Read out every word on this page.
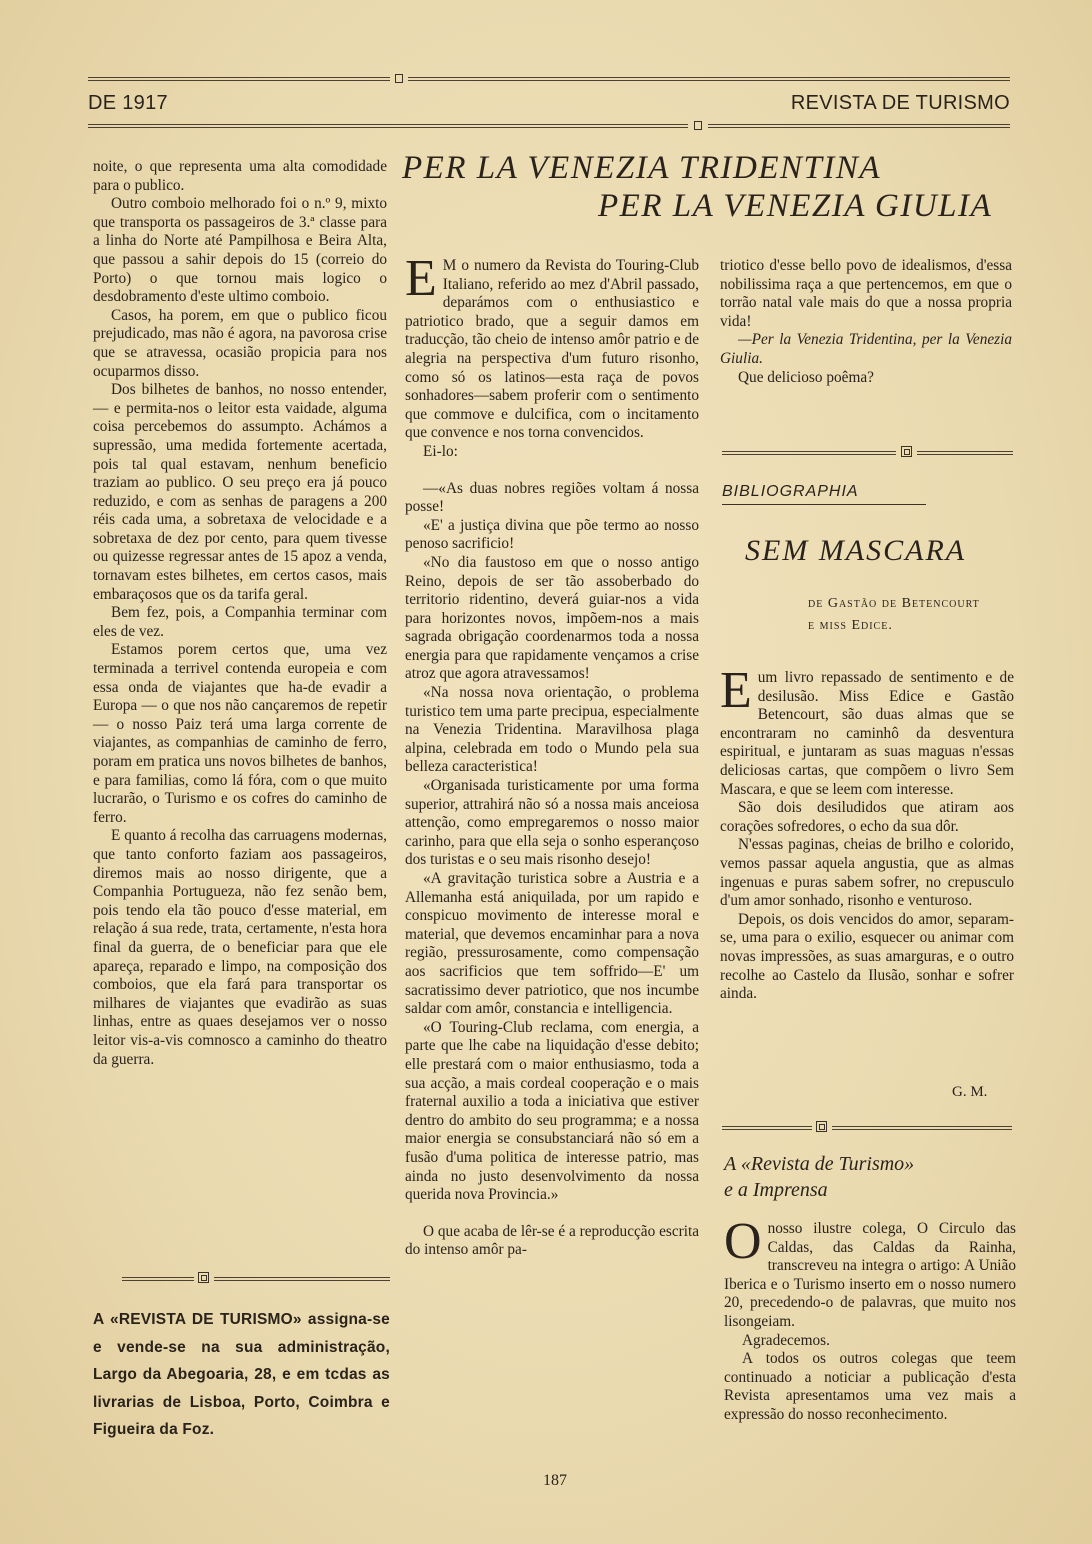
DE 1917	REVISTA DE TURISMO

noite, o que representa uma alta comodidade para o publico.

Outro comboio melhorado foi o n.º 9, mixto que transporta os passageiros de 3.ª classe para a linha do Norte até Pampilhosa e Beira Alta, que passou a sahir depois do 15 (correio do Porto) o que tornou mais logico o desdobramento d'este ultimo comboio.

Casos, ha porem, em que o publico ficou prejudicado, mas não é agora, na pavorosa crise que se atravessa, ocasião propicia para nos ocuparmos disso.

Dos bilhetes de banhos, no nosso entender, — e permita-nos o leitor esta vaidade, alguma coisa percebemos do assumpto. Achámos a supressão, uma medida fortemente acertada, pois tal qual estavam, nenhum beneficio traziam ao publico. O seu preço era já pouco reduzido, e com as senhas de paragens a 200 réis cada uma, a sobretaxa de velocidade e a sobretaxa de dez por cento, para quem tivesse ou quizesse regressar antes de 15 apoz a venda, tornavam estes bilhetes, em certos casos, mais embaraçosos que os da tarifa geral.

Bem fez, pois, a Companhia terminar com eles de vez.

Estamos porem certos que, uma vez terminada a terrivel contenda europeia e com essa onda de viajantes que ha-de evadir a Europa — o que nos não cançaremos de repetir — o nosso Paiz terá uma larga corrente de viajantes, as companhias de caminho de ferro, poram em pratica uns novos bilhetes de banhos, e para familias, como lá fóra, com o que muito lucrarão, o Turismo e os cofres do caminho de ferro.

E quanto á recolha das carruagens modernas, que tanto conforto faziam aos passageiros, diremos mais ao nosso dirigente, que a Companhia Portugueza, não fez senão bem, pois tendo ela tão pouco d'esse material, em relação á sua rede, trata, certamente, n'esta hora final da guerra, de o beneficiar para que ele apareça, reparado e limpo, na composição dos comboios, que ela fará para transportar os milhares de viajantes que evadirão as suas linhas, entre as quaes desejamos ver o nosso leitor vis-a-vis comnosco a caminho do theatro da guerra.

A «REVISTA DE TURISMO» assigna-se e vende-se na sua administração, Largo da Abegoaria, 28, e em tcdas as livrarias de Lisboa, Porto, Coimbra e Figueira da Foz.
PER LA VENEZIA TRIDENTINA
PER LA VENEZIA GIULIA
E M o numero da Revista do Touring-Club Italiano, referido ao mez d'Abril passado, deparámos com o enthusiastico e patriotico brado, que a seguir damos em traducção, tão cheio de intenso amôr patrio e de alegria na perspectiva d'um futuro risonho, como só os latinos—esta raça de povos sonhadores—sabem proferir com o sentimento que commove e dulcifica, com o incitamento que convence e nos torna convencidos.

Ei-lo:

—«As duas nobres regiões voltam á nossa posse!

«E' a justiça divina que põe termo ao nosso penoso sacrificio!

«No dia faustoso em que o nosso antigo Reino, depois de ser tão assoberbado do territorio ridentino, deverá guiar-nos a vida para horizontes novos, impõem-nos a mais sagrada obrigação coordenarmos toda a nossa energia para que rapidamente vençamos a crise atroz que agora atravessamos!

«Na nossa nova orientação, o problema turistico tem uma parte precipua, especialmente na Venezia Tridentina. Maravilhosa plaga alpina, celebrada em todo o Mundo pela sua belleza caracteristica!

«Organisada turisticamente por uma forma superior, attrahirá não só a nossa mais anceiosa attenção, como empregaremos o nosso maior carinho, para que ella seja o sonho esperançoso dos turistas e o seu mais risonho desejo!

«A gravitação turistica sobre a Austria e a Allemanha está aniquilada, por um rapido e conspicuo movimento de interesse moral e material, que devemos encaminhar para a nova região, pressurosamente, como compensação aos sacrificios que tem soffrido—E' um sacratissimo dever patriotico, que nos incumbe saldar com amôr, constancia e intelligencia.

«O Touring-Club reclama, com energia, a parte que lhe cabe na liquidação d'esse debito; elle prestará com o maior enthusiasmo, toda a sua acção, a mais cordeal cooperação e o mais fraternal auxilio a toda a iniciativa que estiver dentro do ambito do seu programma; e a nossa maior energia se consubstanciará não só em a fusão d'uma politica de interesse patrio, mas ainda no justo desenvolvimento da nossa querida nova Provincia.»

O que acaba de lêr-se é a reproducção escrita do intenso amôr pa-

triotico d'esse bello povo de idealismos, d'essa nobilissima raça a que pertencemos, em que o torrão natal vale mais do que a nossa propria vida!

—Per la Venezia Tridentina, per la Venezia Giulia.

Que delicioso poêma?

BIBLIOGRAPHIA
SEM MASCARA
de Gastão de Betencourt
e miss Edice.
E um livro repassado de sentimento e de desilusão. Miss Edice e Gastão Betencourt, são duas almas que se encontraram no caminhô da desventura espiritual, e juntaram as suas maguas n'essas deliciosas cartas, que compõem o livro Sem Mascara, e que se leem com interesse.

São dois desiludidos que atiram aos corações sofredores, o echo da sua dôr.

N'essas paginas, cheias de brilho e colorido, vemos passar aquela angustia, que as almas ingenuas e puras sabem sofrer, no crepusculo d'um amor sonhado, risonho e venturoso.

Depois, os dois vencidos do amor, separam-se, uma para o exilio, esquecer ou animar com novas impressões, as suas amarguras, e o outro recolhe ao Castelo da Ilusão, sonhar e sofrer ainda.

G. M.
A «Revista de Turismo»
e a Imprensa
O nosso ilustre colega, O Circulo das Caldas, das Caldas da Rainha, transcreveu na integra o artigo: A União Iberica e o Turismo inserto em o nosso numero 20, precedendo-o de palavras, que muito nos lisongeiam.

Agradecemos.

A todos os outros colegas que teem continuado a noticiar a publicação d'esta Revista apresentamos uma vez mais a expressão do nosso reconhecimento.

187
